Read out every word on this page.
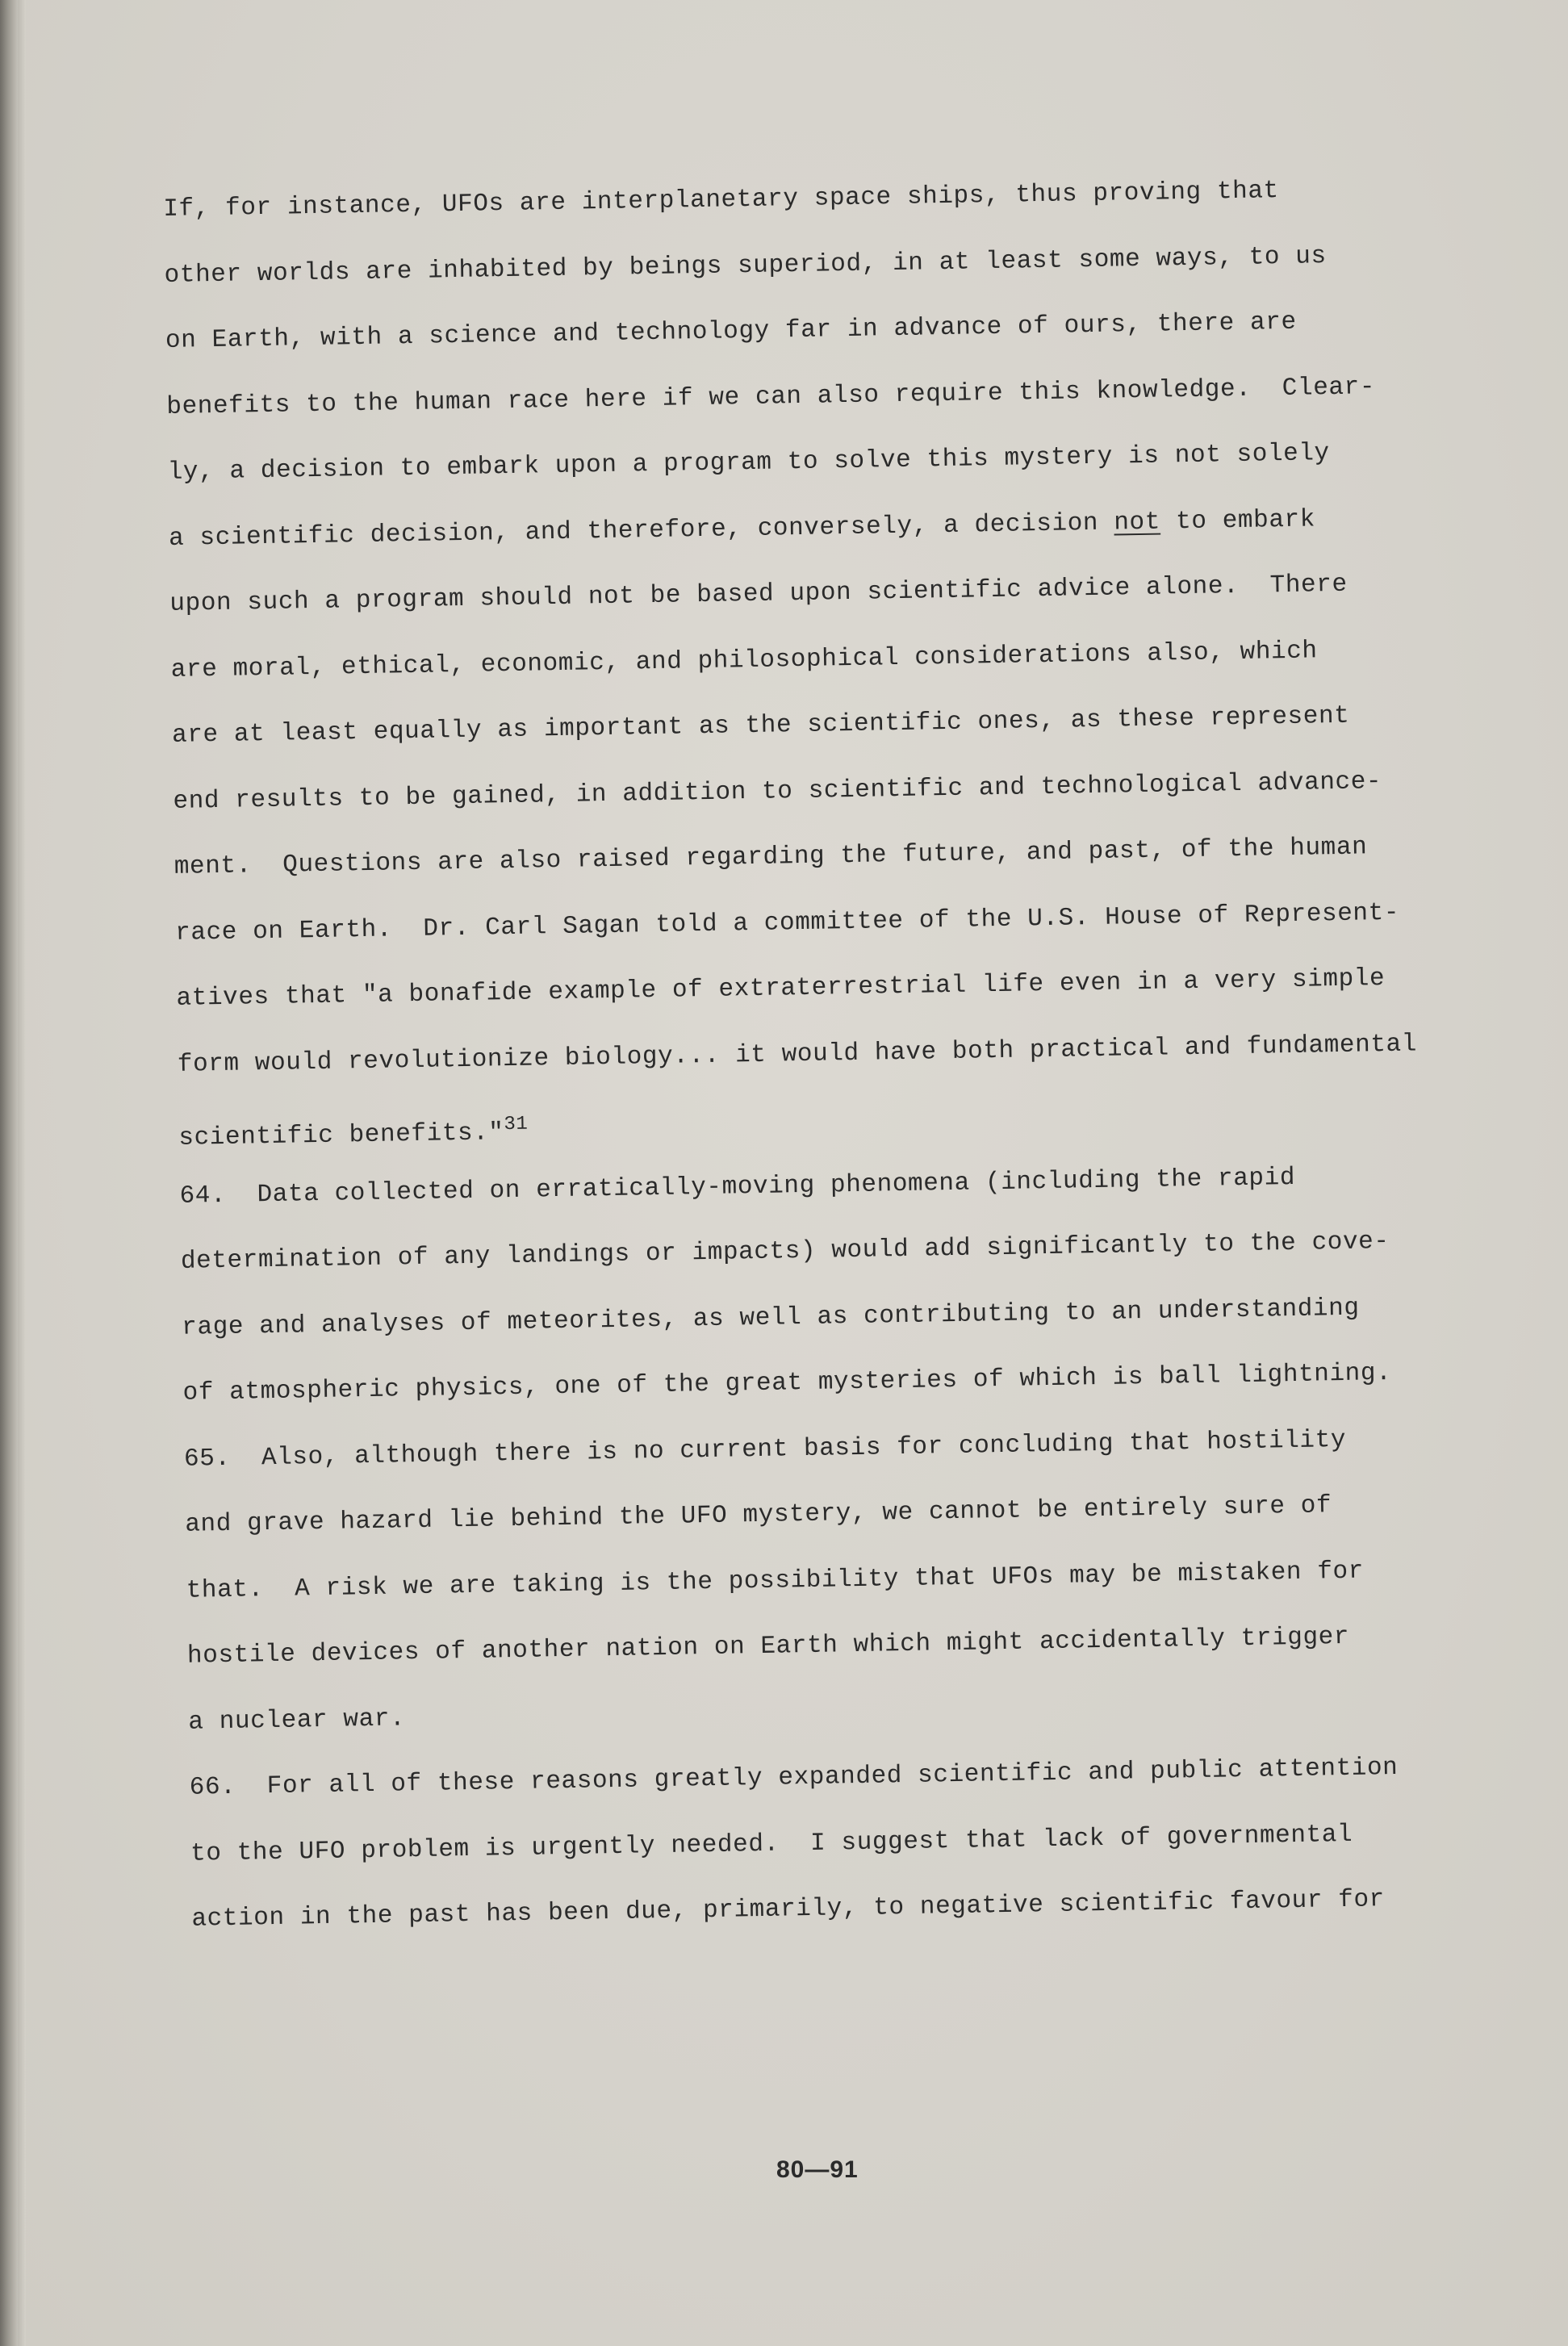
If, for instance, UFOs are interplanetary space ships, thus proving that
other worlds are inhabited by beings superiod, in at least some ways, to us
on Earth, with a science and technology far in advance of ours, there are
benefits to the human race here if we can also require this knowledge.  Clear-
ly, a decision to embark upon a program to solve this mystery is not solely
a scientific decision, and therefore, conversely, a decision not to embark
upon such a program should not be based upon scientific advice alone.  There
are moral, ethical, economic, and philosophical considerations also, which
are at least equally as important as the scientific ones, as these represent
end results to be gained, in addition to scientific and technological advance-
ment.  Questions are also raised regarding the future, and past, of the human
race on Earth.  Dr. Carl Sagan told a committee of the U.S. House of Represent-
atives that "a bonafide example of extraterrestrial life even in a very simple
form would revolutionize biology... it would have both practical and fundamental
scientific benefits."$^{31}$
64.  Data collected on erratically-moving phenomena (including the rapid
determination of any landings or impacts) would add significantly to the cove-
rage and analyses of meteorites, as well as contributing to an understanding
of atmospheric physics, one of the great mysteries of which is ball lightning.
65.  Also, although there is no current basis for concluding that hostility
and grave hazard lie behind the UFO mystery, we cannot be entirely sure of
that.  A risk we are taking is the possibility that UFOs may be mistaken for
hostile devices of another nation on Earth which might accidentally trigger
a nuclear war.
66.  For all of these reasons greatly expanded scientific and public attention
to the UFO problem is urgently needed.  I suggest that lack of governmental
action in the past has been due, primarily, to negative scientific favour for
80—91
